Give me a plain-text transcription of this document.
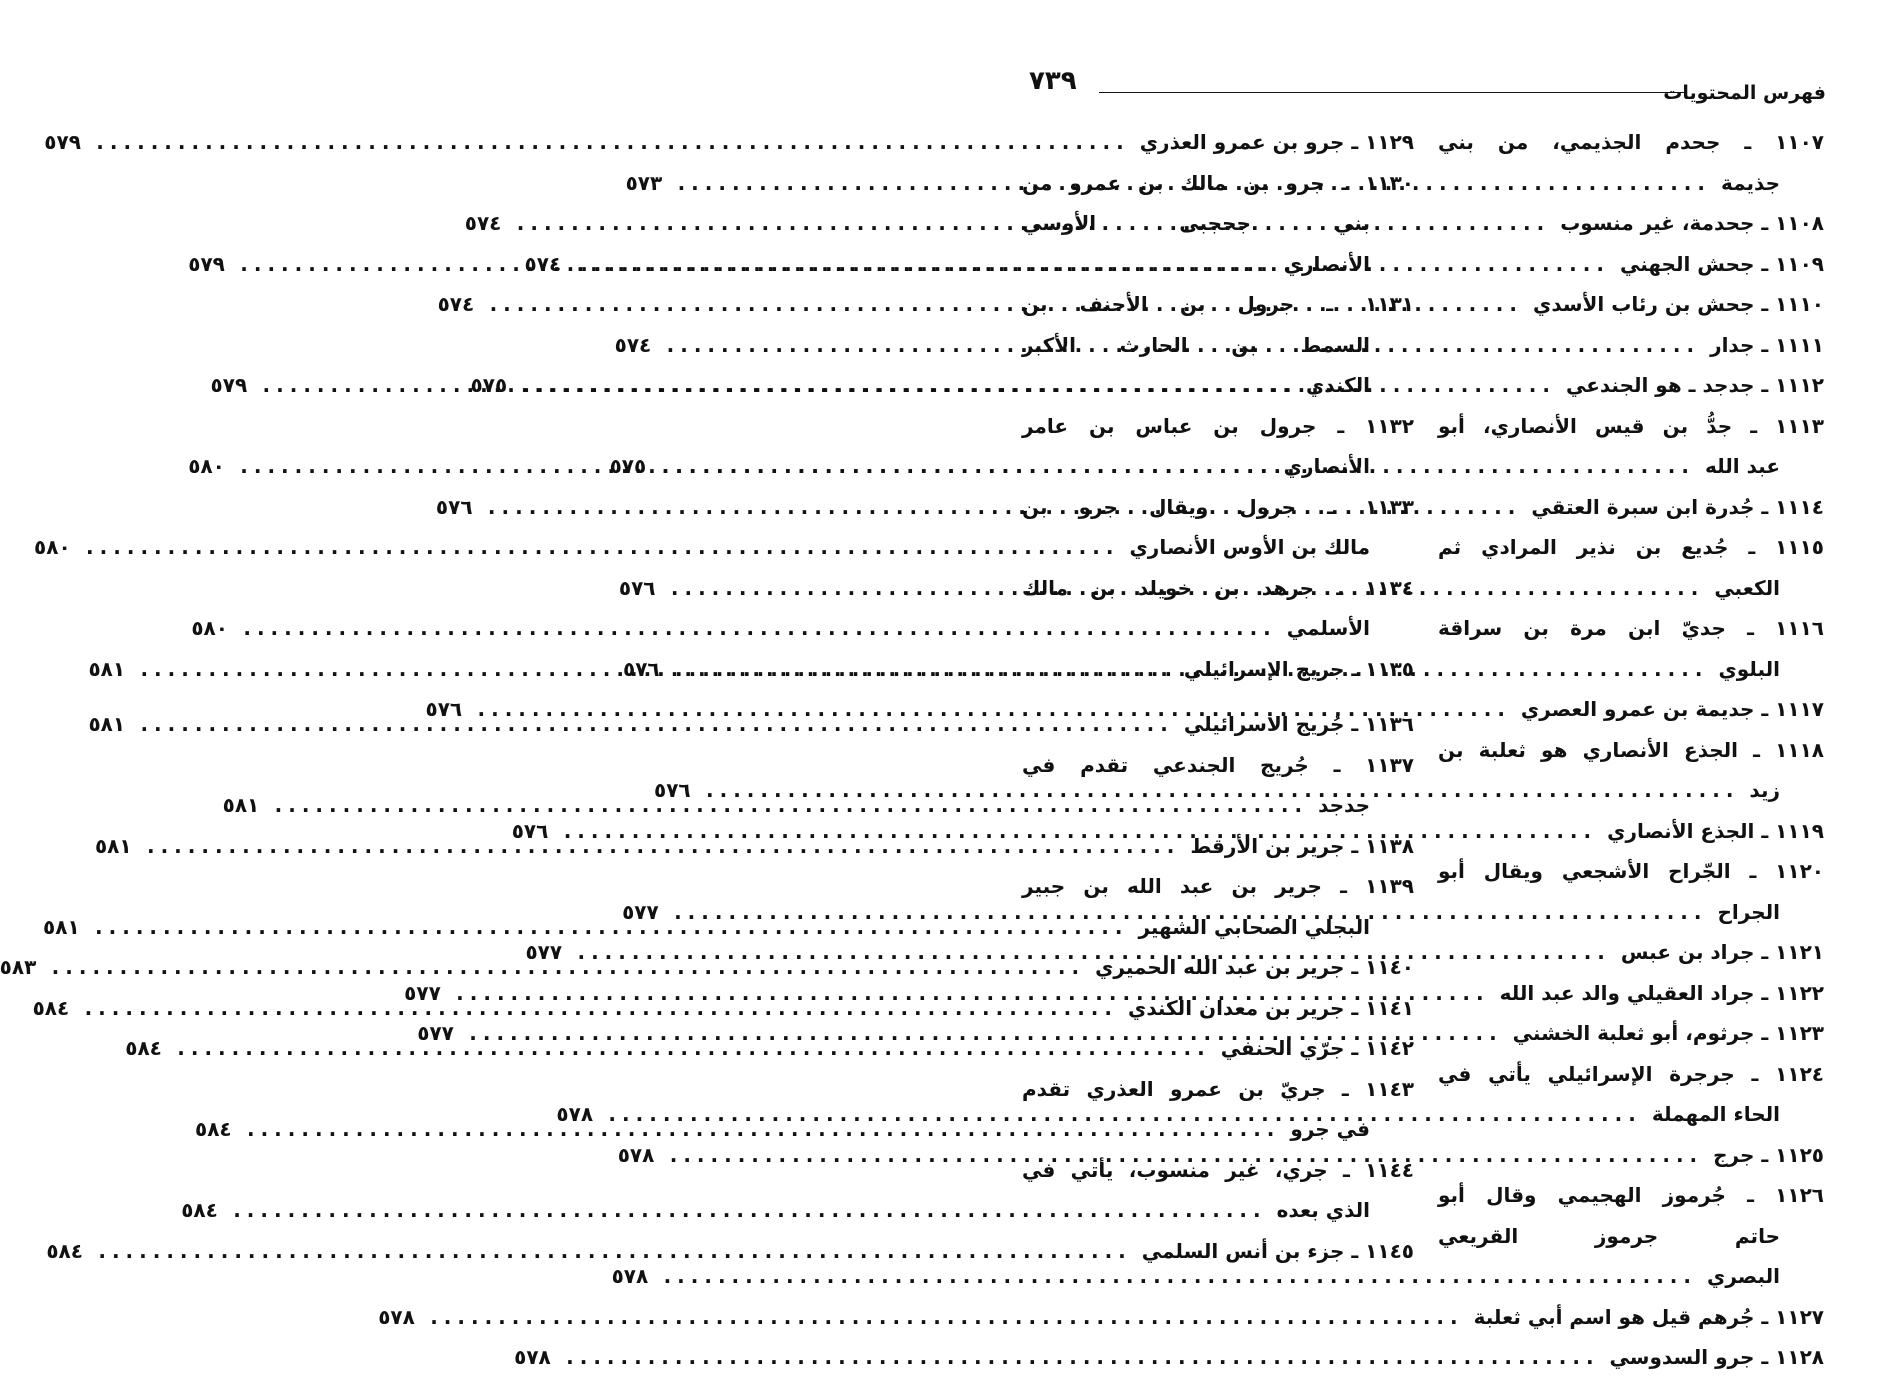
فهرس المحتويات
٧٣٩
١١٠٧ ـ جحدم الجذيمي، من بني
جذيمة
.....
٥٧٣
١١٠٨ ـ جحدمة، غير منسوب
.....
٥٧٤
١١٠٩ ـ جحش الجهني
.....
٥٧٤
١١١٠ ـ جحش بن رئاب الأسدي
.....
٥٧٤
١١١١ ـ جدار
.....
٥٧٤
١١١٢ ـ جدجد ـ هو الجندعي
.....
٥٧٥
١١١٣ ـ جدُّ بن قيس الأنصاري، أبو
عبد الله
.....
٥٧٥
١١١٤ ـ جُدرة ابن سبرة العتقي
.....
٥٧٦
١١١٥ ـ جُديع بن نذير المرادي ثم
الكعبي
.....
٥٧٦
١١١٦ ـ جديّ ابن مرة بن سراقة
البلوي
.....
٥٧٦
١١١٧ ـ جديمة بن عمرو العصري
.....
٥٧٦
١١١٨ ـ الجذع الأنصاري هو ثعلبة بن
زيد
.....
٥٧٦
١١١٩ ـ الجذع الأنصاري
.....
٥٧٦
١١٢٠ ـ الجّراح الأشجعي ويقال أبو
الجراح
.....
٥٧٧
١١٢١ ـ جراد بن عبس
.....
٥٧٧
١١٢٢ ـ جراد العقيلي والد عبد الله
.....
٥٧٧
١١٢٣ ـ جرثوم، أبو ثعلبة الخشني
.....
٥٧٧
١١٢٤ ـ جرجرة الإسرائيلي يأتي في
الحاء المهملة
.....
٥٧٨
١١٢٥ ـ جرج
.....
٥٧٨
١١٢٦ ـ جُرموز الهجيمي وقال أبو
حاتم جرموز القريعي
البصري
.....
٥٧٨
١١٢٧ ـ جُرهم قيل هو اسم أبي ثعلبة
.....
٥٧٨
١١٢٨ ـ جرو السدوسي
.....
٥٧٨
١١٢٩ ـ جرو بن عمرو العذري
.....
٥٧٩
١١٣٠ ـ جرو بن مالك بن عمرو من
بني جحجبى الأوسي
الأنصاري
.....
٥٧٩
١١٣١ ـ جرول بن الأحنف بن
السمط بن الحارث الأكبر
الكندي
.....
٥٧٩
١١٣٢ ـ جرول بن عباس بن عامر
الأنصاري
.....
٥٨٠
١١٣٣ ـ جرول ويقال جرو بن
مالك بن الأوس الأنصاري
.....
٥٨٠
١١٣٤ ـ جرهد بن خويلد بن مالك
الأسلمي
.....
٥٨٠
١١٣٥ ـ جريج الإسرائيلي
.....
٥٨١
١١٣٦ ـ جُريج الاسرائيلي
.....
٥٨١
١١٣٧ ـ جُريج الجندعي تقدم في
جدجد
.....
٥٨١
١١٣٨ ـ جرير بن الأرقط
.....
٥٨١
١١٣٩ ـ جرير بن عبد الله بن جبير
البجلي الصحابي الشهير
.....
٥٨١
١١٤٠ ـ جرير بن عبد الله الحميري
.....
٥٨٣
١١٤١ ـ جرير بن معدان الكندي
.....
٥٨٤
١١٤٢ ـ جرّي الحنفي
.....
٥٨٤
١١٤٣ ـ جريّ بن عمرو العذري تقدم
في جرو
.....
٥٨٤
١١٤٤ ـ جري، غير منسوب، يأتي في
الذي بعده
.....
٥٨٤
١١٤٥ ـ جزء بن أنس السلمي
.....
٥٨٤
